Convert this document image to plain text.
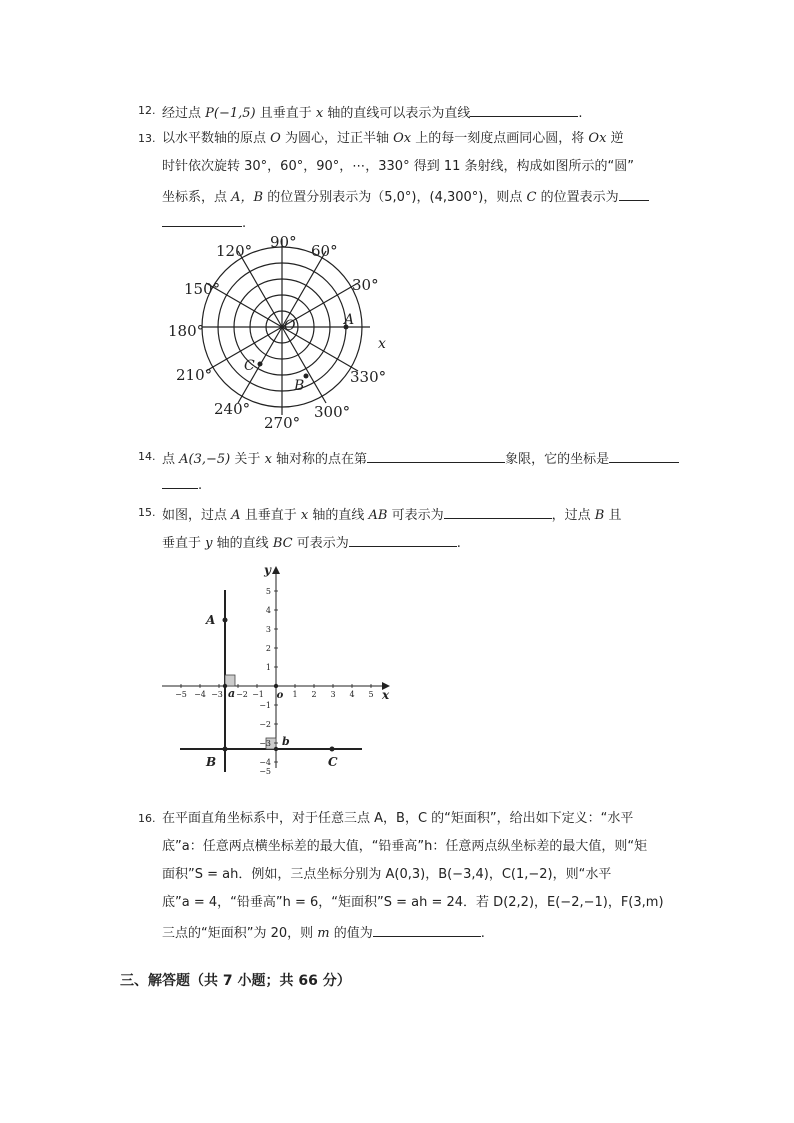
12. 经过点 P(−1,5) 且垂直于 x 轴的直线可以表示为直线	.
13. 以水平数轴的原点 O 为圆心，过正半轴 Ox 上的每一刻度点画同心圆，将 Ox 逆
时针依次旋转 30°，60°，90°，⋯，330° 得到 11 条射线，构成如图所示的“圆”
坐标系，点 A，B 的位置分别表示为（5,0°)，(4,300°)，则点 C 的位置表示为
.
90° 60°
30°
120°
150°
180°
210°
240°
270°
300°
330°
O
x
A
B
C
14. 点 A(3,−5) 关于 x 轴对称的点在第	象限，它的坐标是
.
15. 如图，过点 A 且垂直于 x 轴的直线 AB 可表示为	，过点 B 且
垂直于 y 轴的直线 BC 可表示为	.
−5 −4 −3 −2 −1 o 1 2 3 4 5
5
4
3
2
1
−1
−2
−3
−4
−5
x
y
A
B	C
a
b
16. 在平面直角坐标系中，对于任意三点 A，B，C 的“矩面积”，给出如下定义：“水平
底”a：任意两点横坐标差的最大值，“铅垂高”h：任意两点纵坐标差的最大值，则“矩
面积”S = ah．例如，三点坐标分别为 A(0,3)，B(−3,4)，C(1,−2)，则“水平
底”a = 4，“铅垂高”h = 6，“矩面积”S = ah = 24．若 D(2,2)，E(−2,−1)，F(3,m)
三点的“矩面积”为 20，则 m 的值为	.
三、解答题（共 7 小题；共 66 分）
